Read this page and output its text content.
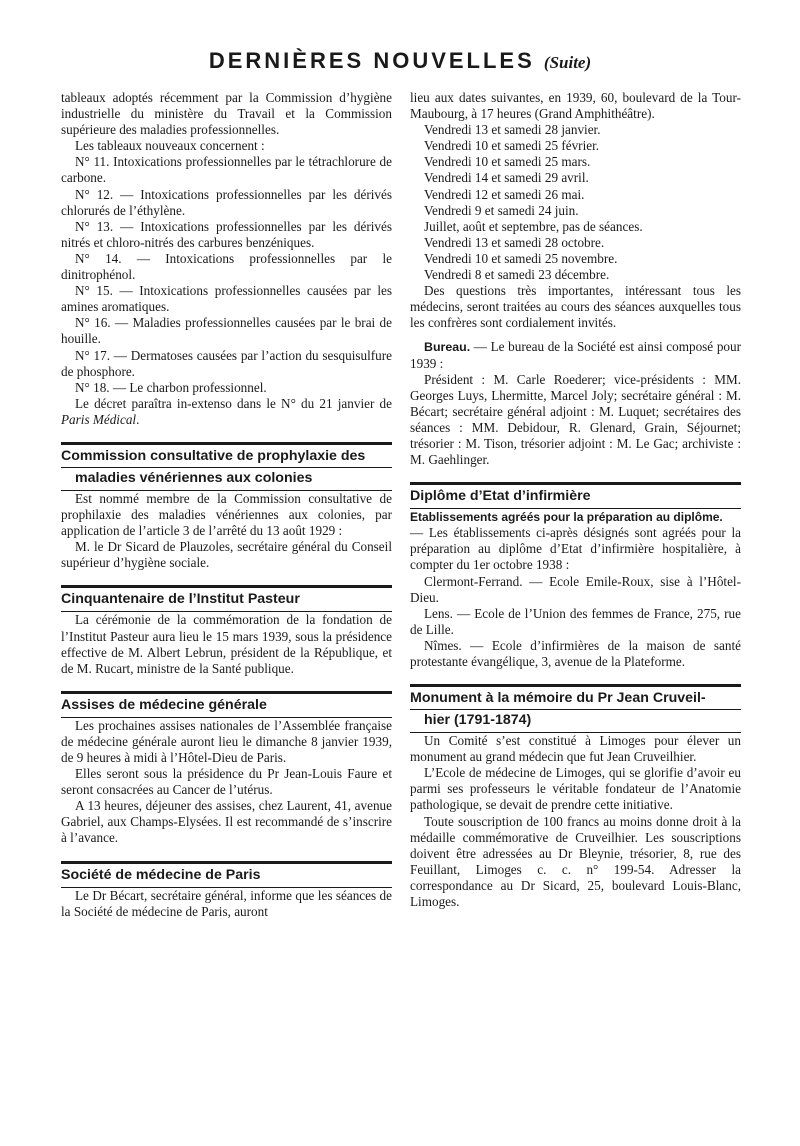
DERNIÈRES NOUVELLES (Suite)

tableaux adoptés récemment par la Commission d’hygiène industrielle du ministère du Travail et la Commission supérieure des maladies professionnelles.

Les tableaux nouveaux concernent :

N° 11. Intoxications professionnelles par le tétrachlorure de carbone.

N° 12. — Intoxications professionnelles par les dérivés chlorurés de l’éthylène.

N° 13. — Intoxications professionnelles par les dérivés nitrés et chloro-nitrés des carbures benzéniques.

N° 14. — Intoxications professionnelles par le dinitrophénol.

N° 15. — Intoxications professionnelles causées par les amines aromatiques.

N° 16. — Maladies professionnelles causées par le brai de houille.

N° 17. — Dermatoses causées par l’action du sesquisulfure de phosphore.

N° 18. — Le charbon professionnel.

Le décret paraîtra in-extenso dans le N° du 21 janvier de Paris Médical.

Commission consultative de prophylaxie des
maladies vénériennes aux colonies

Est nommé membre de la Commission consultative de prophilaxie des maladies vénériennes aux colonies, par application de l’article 3 de l’arrêté du 13 août 1929 :

M. le Dr Sicard de Plauzoles, secrétaire général du Conseil supérieur d’hygiène sociale.

Cinquantenaire de l’Institut Pasteur

La cérémonie de la commémoration de la fondation de l’Institut Pasteur aura lieu le 15 mars 1939, sous la présidence effective de M. Albert Lebrun, président de la République, et de M. Rucart, ministre de la Santé publique.

Assises de médecine générale

Les prochaines assises nationales de l’Assemblée française de médecine générale auront lieu le dimanche 8 janvier 1939, de 9 heures à midi à l’Hôtel-Dieu de Paris.

Elles seront sous la présidence du Pr Jean-Louis Faure et seront consacrées au Cancer de l’utérus.

A 13 heures, déjeuner des assises, chez Laurent, 41, avenue Gabriel, aux Champs-Elysées. Il est recommandé de s’inscrire à l’avance.

Société de médecine de Paris

Le Dr Bécart, secrétaire général, informe que les séances de la Société de médecine de Paris, auront

lieu aux dates suivantes, en 1939, 60, boulevard de la Tour-Maubourg, à 17 heures (Grand Amphithéâtre).

Vendredi 13 et samedi 28 janvier.

Vendredi 10 et samedi 25 février.

Vendredi 10 et samedi 25 mars.

Vendredi 14 et samedi 29 avril.

Vendredi 12 et samedi 26 mai.

Vendredi 9 et samedi 24 juin.

Juillet, août et septembre, pas de séances.

Vendredi 13 et samedi 28 octobre.

Vendredi 10 et samedi 25 novembre.

Vendredi 8 et samedi 23 décembre.

Des questions très importantes, intéressant tous les médecins, seront traitées au cours des séances auxquelles tous les confrères sont cordialement invités.

Bureau. — Le bureau de la Société est ainsi composé pour 1939 :

Président : M. Carle Roederer; vice-présidents : MM. Georges Luys, Lhermitte, Marcel Joly; secrétaire général : M. Bécart; secrétaire général adjoint : M. Luquet; secrétaires des séances : MM. Debidour, R. Glenard, Grain, Séjournet; trésorier : M. Tison, trésorier adjoint : M. Le Gac; archiviste : M. Gaehlinger.

Diplôme d’Etat d’infirmière

Etablissements agréés pour la préparation au diplôme.

— Les établissements ci-après désignés sont agréés pour la préparation au diplôme d’Etat d’infirmière hospitalière, à compter du 1er octobre 1938 :

Clermont-Ferrand. — Ecole Emile-Roux, sise à l’Hôtel-Dieu.

Lens. — Ecole de l’Union des femmes de France, 275, rue de Lille.

Nîmes. — Ecole d’infirmières de la maison de santé protestante évangélique, 3, avenue de la Plateforme.

Monument à la mémoire du Pr Jean Cruveil-
hier (1791-1874)

Un Comité s’est constitué à Limoges pour élever un monument au grand médecin que fut Jean Cruveilhier.

L’Ecole de médecine de Limoges, qui se glorifie d’avoir eu parmi ses professeurs le véritable fondateur de l’Anatomie pathologique, se devait de prendre cette initiative.

Toute souscription de 100 francs au moins donne droit à la médaille commémorative de Cruveilhier. Les souscriptions doivent être adressées au Dr Bleynie, trésorier, 8, rue des Feuillant, Limoges c. c. n° 199-54. Adresser la correspondance au Dr Sicard, 25, boulevard Louis-Blanc, Limoges.
